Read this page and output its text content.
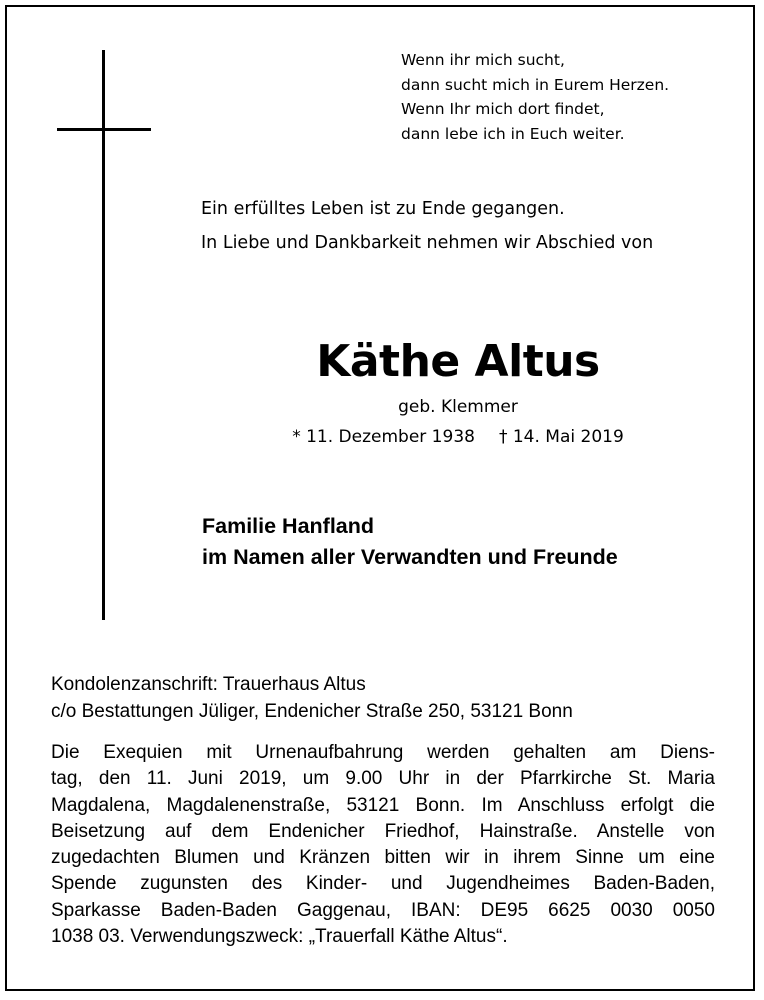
Wenn ihr mich sucht,
dann sucht mich in Eurem Herzen.
Wenn Ihr mich dort findet,
dann lebe ich in Euch weiter.
Ein erfülltes Leben ist zu Ende gegangen.
In Liebe und Dankbarkeit nehmen wir Abschied von
Käthe Altus
geb. Klemmer
* 11. Dezember 1938 † 14. Mai 2019
Familie Hanfland
im Namen aller Verwandten und Freunde
Kondolenzanschrift: Trauerhaus Altus
c/o Bestattungen Jüliger, Endenicher Straße 250, 53121 Bonn
Die Exequien mit Urnenaufbahrung werden gehalten am Diens-
tag, den 11. Juni 2019, um 9.00 Uhr in der Pfarrkirche St. Maria
Magdalena, Magdalenenstraße, 53121 Bonn. Im Anschluss erfolgt die
Beisetzung auf dem Endenicher Friedhof, Hainstraße. Anstelle von
zugedachten Blumen und Kränzen bitten wir in ihrem Sinne um eine
Spende zugunsten des Kinder- und Jugendheimes Baden-Baden,
Sparkasse Baden-Baden Gaggenau, IBAN: DE95 6625 0030 0050
1038 03. Verwendungszweck: „Trauerfall Käthe Altus“.
